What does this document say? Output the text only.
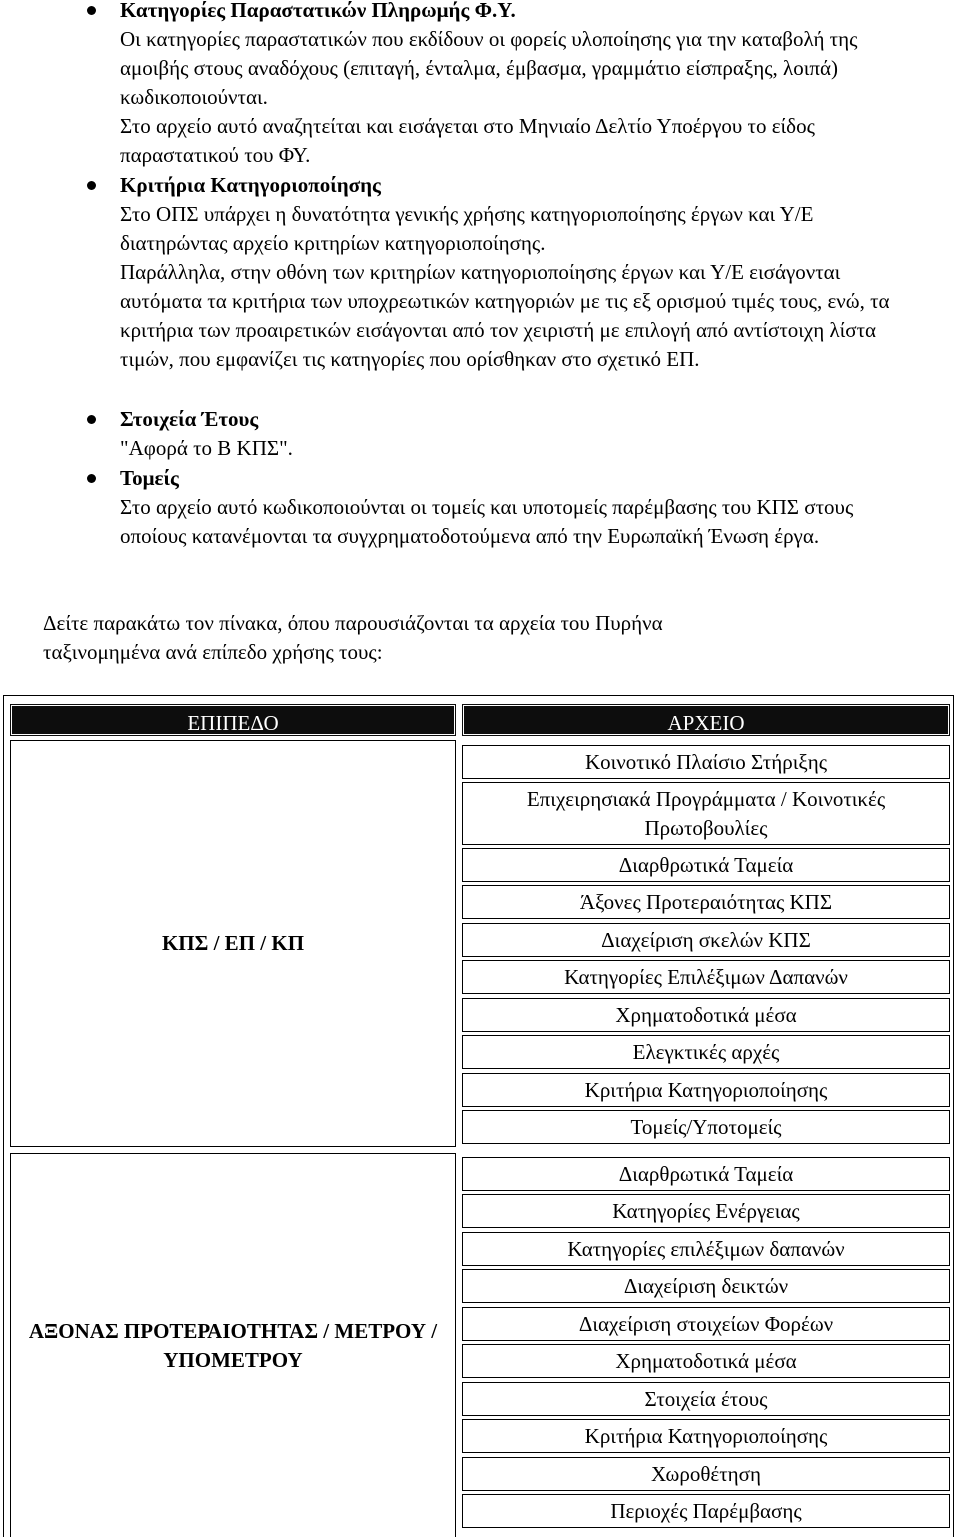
Κατηγορίες Παραστατικών Πληρωμής Φ.Υ.
Οι κατηγορίες παραστατικών που εκδίδουν οι φορείς υλοποίησης για την καταβολή της αμοιβής στους αναδόχους (επιταγή, ένταλμα, έμβασμα, γραμμάτιο είσπραξης, λοιπά) κωδικοποιούνται.
Στο αρχείο αυτό αναζητείται και εισάγεται στο Μηνιαίο Δελτίο Υποέργου το είδος παραστατικού του ΦΥ.
Κριτήρια Κατηγοριοποίησης
Στο ΟΠΣ υπάρχει η δυνατότητα γενικής χρήσης κατηγοριοποίησης έργων και Υ/Ε διατηρώντας αρχείο κριτηρίων κατηγοριοποίησης.
Παράλληλα, στην οθόνη των κριτηρίων κατηγοριοποίησης έργων και Υ/Ε εισάγονται αυτόματα τα κριτήρια των υποχρεωτικών κατηγοριών με τις εξ ορισμού τιμές τους, ενώ, τα κριτήρια των προαιρετικών εισάγονται από τον χειριστή με επιλογή από αντίστοιχη λίστα τιμών, που εμφανίζει τις κατηγορίες που ορίσθηκαν στο σχετικό ΕΠ.
Στοιχεία Έτους
"Αφορά το Β ΚΠΣ".
Τομείς
Στο αρχείο αυτό κωδικοποιούνται οι τομείς και υποτομείς παρέμβασης του ΚΠΣ στους οποίους κατανέμονται τα συγχρηματοδοτούμενα από την Ευρωπαϊκή Ένωση έργα.
Δείτε παρακάτω τον πίνακα, όπου παρουσιάζονται τα αρχεία του Πυρήνα
ταξινομημένα ανά επίπεδο χρήσης τους:
ΕΠΙΠΕΔΟ	ΑΡΧΕΙΟ
ΚΠΣ / ΕΠ / ΚΠ
Κοινοτικό Πλαίσιο Στήριξης
Επιχειρησιακά Προγράμματα / Κοινοτικές Πρωτοβουλίες
Διαρθρωτικά Ταμεία
Άξονες Προτεραιότητας ΚΠΣ
Διαχείριση σκελών ΚΠΣ
Κατηγορίες Επιλέξιμων Δαπανών
Χρηματοδοτικά μέσα
Ελεγκτικές αρχές
Κριτήρια Κατηγοριοποίησης
Τομείς/Υποτομείς
ΑΞΟΝΑΣ ΠΡΟΤΕΡΑΙΟΤΗΤΑΣ / ΜΕΤΡΟΥ / ΥΠΟΜΕΤΡΟΥ
Διαρθρωτικά Ταμεία
Κατηγορίες Ενέργειας
Κατηγορίες επιλέξιμων δαπανών
Διαχείριση δεικτών
Διαχείριση στοιχείων Φορέων
Χρηματοδοτικά μέσα
Στοιχεία έτους
Κριτήρια Κατηγοριοποίησης
Χωροθέτηση
Περιοχές Παρέμβασης
